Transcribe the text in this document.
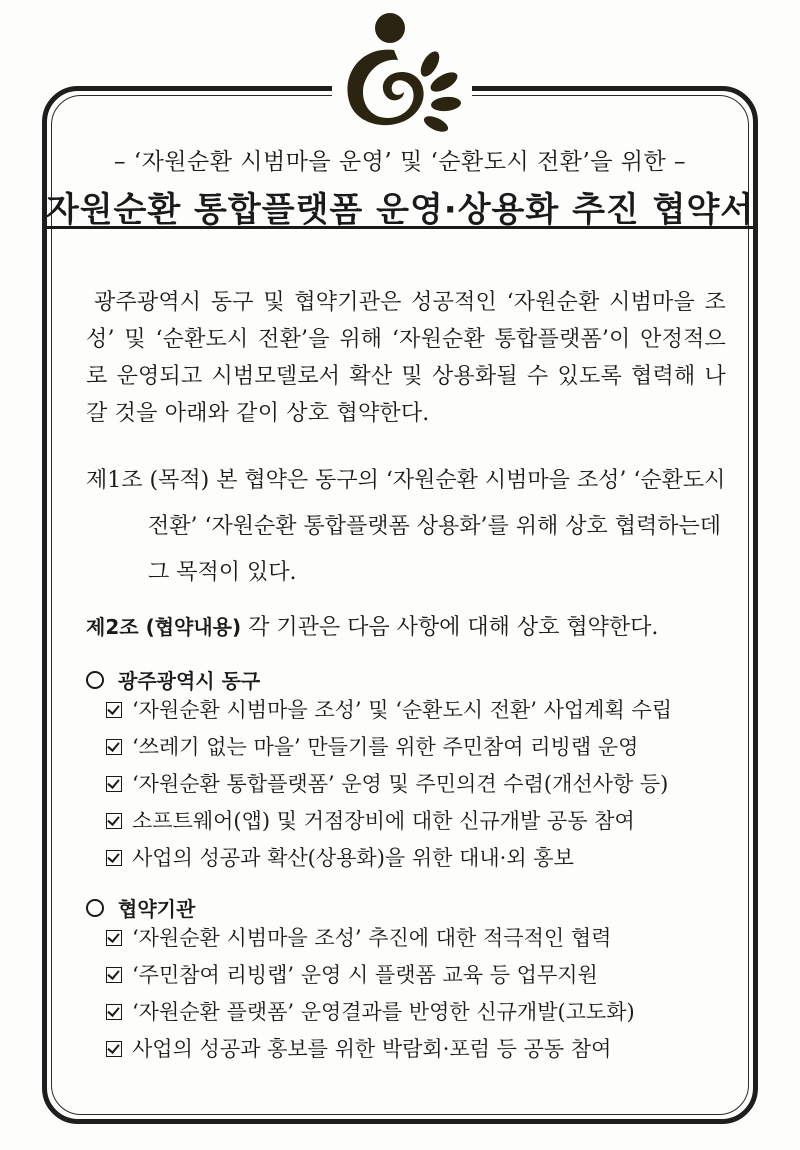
– ‘자원순환 시범마을 운영’ 및 ‘순환도시 전환’을 위한 –
자원순환 통합플랫폼 운영·상용화 추진 협약서
광주광역시 동구 및 협약기관은 성공적인 ‘자원순환 시범마을 조성’ 및 ‘순환도시 전환’을 위해 ‘자원순환 통합플랫폼’이 안정적으로 운영되고 시범모델로서 확산 및 상용화될 수 있도록 협력해 나갈 것을 아래와 같이 상호 협약한다.
제1조 (목적) 본 협약은 동구의 ‘자원순환 시범마을 조성’ ‘순환도시
전환’ ‘자원순환 통합플랫폼 상용화’를 위해 상호 협력하는데
그 목적이 있다.
제2조 (협약내용) 각 기관은 다음 사항에 대해 상호 협약한다.
광주광역시 동구
‘자원순환 시범마을 조성’ 및 ‘순환도시 전환’ 사업계획 수립
‘쓰레기 없는 마을’ 만들기를 위한 주민참여 리빙랩 운영
‘자원순환 통합플랫폼’ 운영 및 주민의견 수렴(개선사항 등)
소프트웨어(앱) 및 거점장비에 대한 신규개발 공동 참여
사업의 성공과 확산(상용화)을 위한 대내·외 홍보
협약기관
‘자원순환 시범마을 조성’ 추진에 대한 적극적인 협력
‘주민참여 리빙랩’ 운영 시 플랫폼 교육 등 업무지원
‘자원순환 플랫폼’ 운영결과를 반영한 신규개발(고도화)
사업의 성공과 홍보를 위한 박람회·포럼 등 공동 참여
